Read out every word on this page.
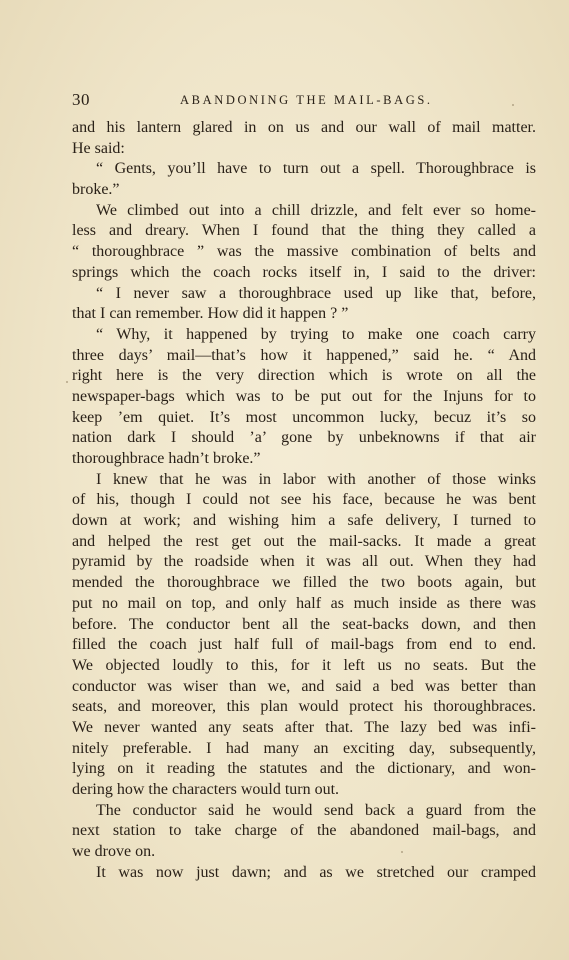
30	ABANDONING THE MAIL-BAGS.
and his lantern glared in on us and our wall of mail matter.
He said:
“ Gents, you’ll have to turn out a spell. Thoroughbrace is
broke.”
We climbed out into a chill drizzle, and felt ever so home-
less and dreary. When I found that the thing they called a
“ thoroughbrace ” was the massive combination of belts and
springs which the coach rocks itself in, I said to the driver:
“ I never saw a thoroughbrace used up like that, before,
that I can remember. How did it happen ? ”
“ Why, it happened by trying to make one coach carry
three days’ mail—that’s how it happened,” said he. “ And
right here is the very direction which is wrote on all the
newspaper-bags which was to be put out for the Injuns for to
keep ’em quiet. It’s most uncommon lucky, becuz it’s so
nation dark I should ’a’ gone by unbeknowns if that air
thoroughbrace hadn’t broke.”
I knew that he was in labor with another of those winks
of his, though I could not see his face, because he was bent
down at work; and wishing him a safe delivery, I turned to
and helped the rest get out the mail-sacks. It made a great
pyramid by the roadside when it was all out. When they had
mended the thoroughbrace we filled the two boots again, but
put no mail on top, and only half as much inside as there was
before. The conductor bent all the seat-backs down, and then
filled the coach just half full of mail-bags from end to end.
We objected loudly to this, for it left us no seats. But the
conductor was wiser than we, and said a bed was better than
seats, and moreover, this plan would protect his thoroughbraces.
We never wanted any seats after that. The lazy bed was infi-
nitely preferable. I had many an exciting day, subsequently,
lying on it reading the statutes and the dictionary, and won-
dering how the characters would turn out.
The conductor said he would send back a guard from the
next station to take charge of the abandoned mail-bags, and
we drove on.
It was now just dawn; and as we stretched our cramped
